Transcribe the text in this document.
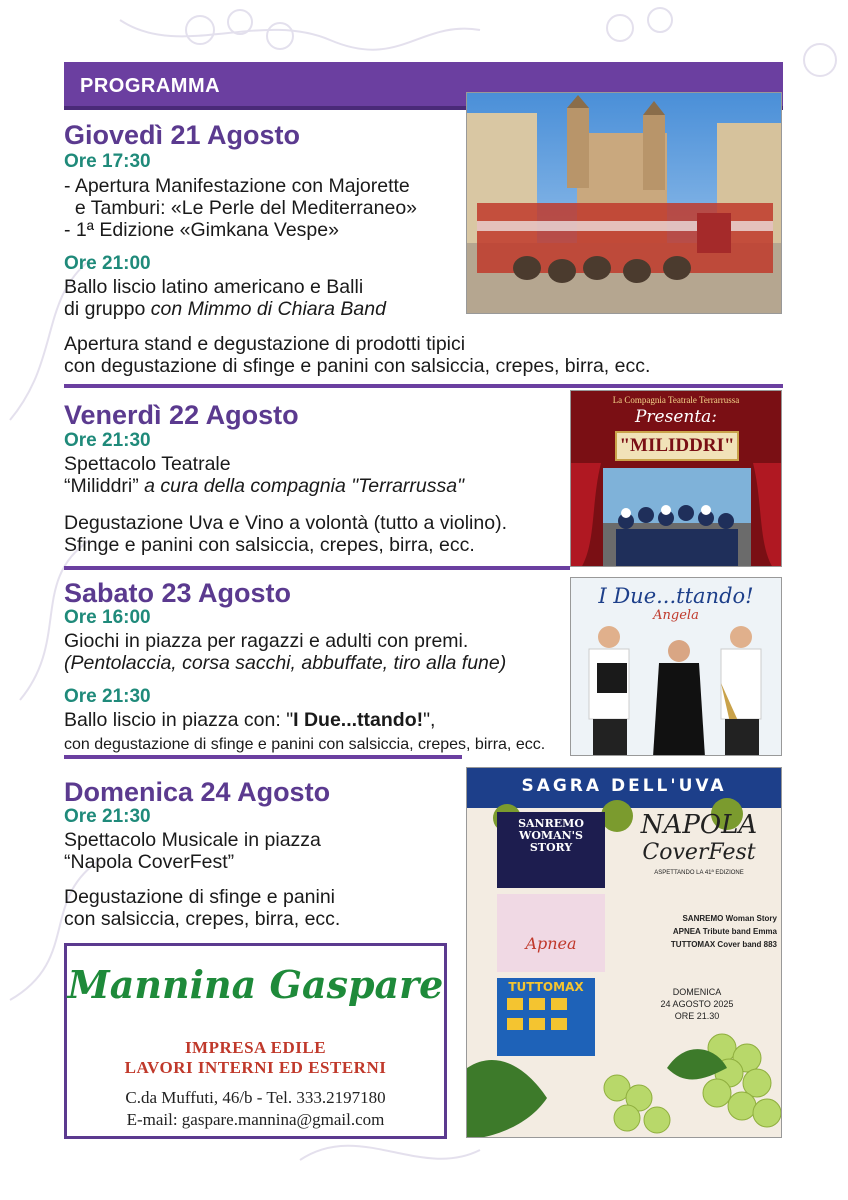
PROGRAMMA
Giovedì 21 Agosto
Ore 17:30
- Apertura Manifestazione con Majorette
e Tamburi: «Le Perle del Mediterraneo»
- 1ª Edizione «Gimkana Vespe»
Ore 21:00
Ballo liscio latino americano e Balli
di gruppo con Mimmo di Chiara Band
Apertura stand e degustazione di prodotti tipici
con degustazione di sfinge e panini con salsiccia, crepes, birra, ecc.
Venerdì 22 Agosto
Ore 21:30
Spettacolo Teatrale
“Miliddri” a cura della compagnia "Terrarrussa"
Degustazione Uva e Vino a volontà (tutto a violino).
Sfinge e panini con salsiccia, crepes, birra, ecc.
La Compagnia Teatrale Terrarrussa
Presenta:
"MILIDDRI"
Sabato 23 Agosto
Ore 16:00
Giochi in piazza per ragazzi e adulti con premi.
(Pentolaccia, corsa sacchi, abbuffate, tiro alla fune)
Ore 21:30
Ballo liscio in piazza con: "I Due...ttando!",
con degustazione di sfinge e panini con salsiccia, crepes, birra, ecc.
I Due...ttando!
Angela
Domenica 24 Agosto
Ore 21:30
Spettacolo Musicale in piazza
“Napola CoverFest”
Degustazione di sfinge e panini
con salsiccia, crepes, birra, ecc.
SAGRA DELL'UVA
NAPOLA
CoverFest
ASPETTANDO LA 41ª EDIZIONE
SANREMO WOMAN'S STORY
Apnea
TUTTOMAX
SANREMO Woman Story
APNEA Tribute band Emma
TUTTOMAX Cover band 883
DOMENICA
24 AGOSTO 2025
ORE 21.30
Mannina Gaspare
IMPRESA EDILE
LAVORI INTERNI ED ESTERNI
C.da Muffuti, 46/b - Tel. 333.2197180
E-mail: gaspare.mannina@gmail.com
